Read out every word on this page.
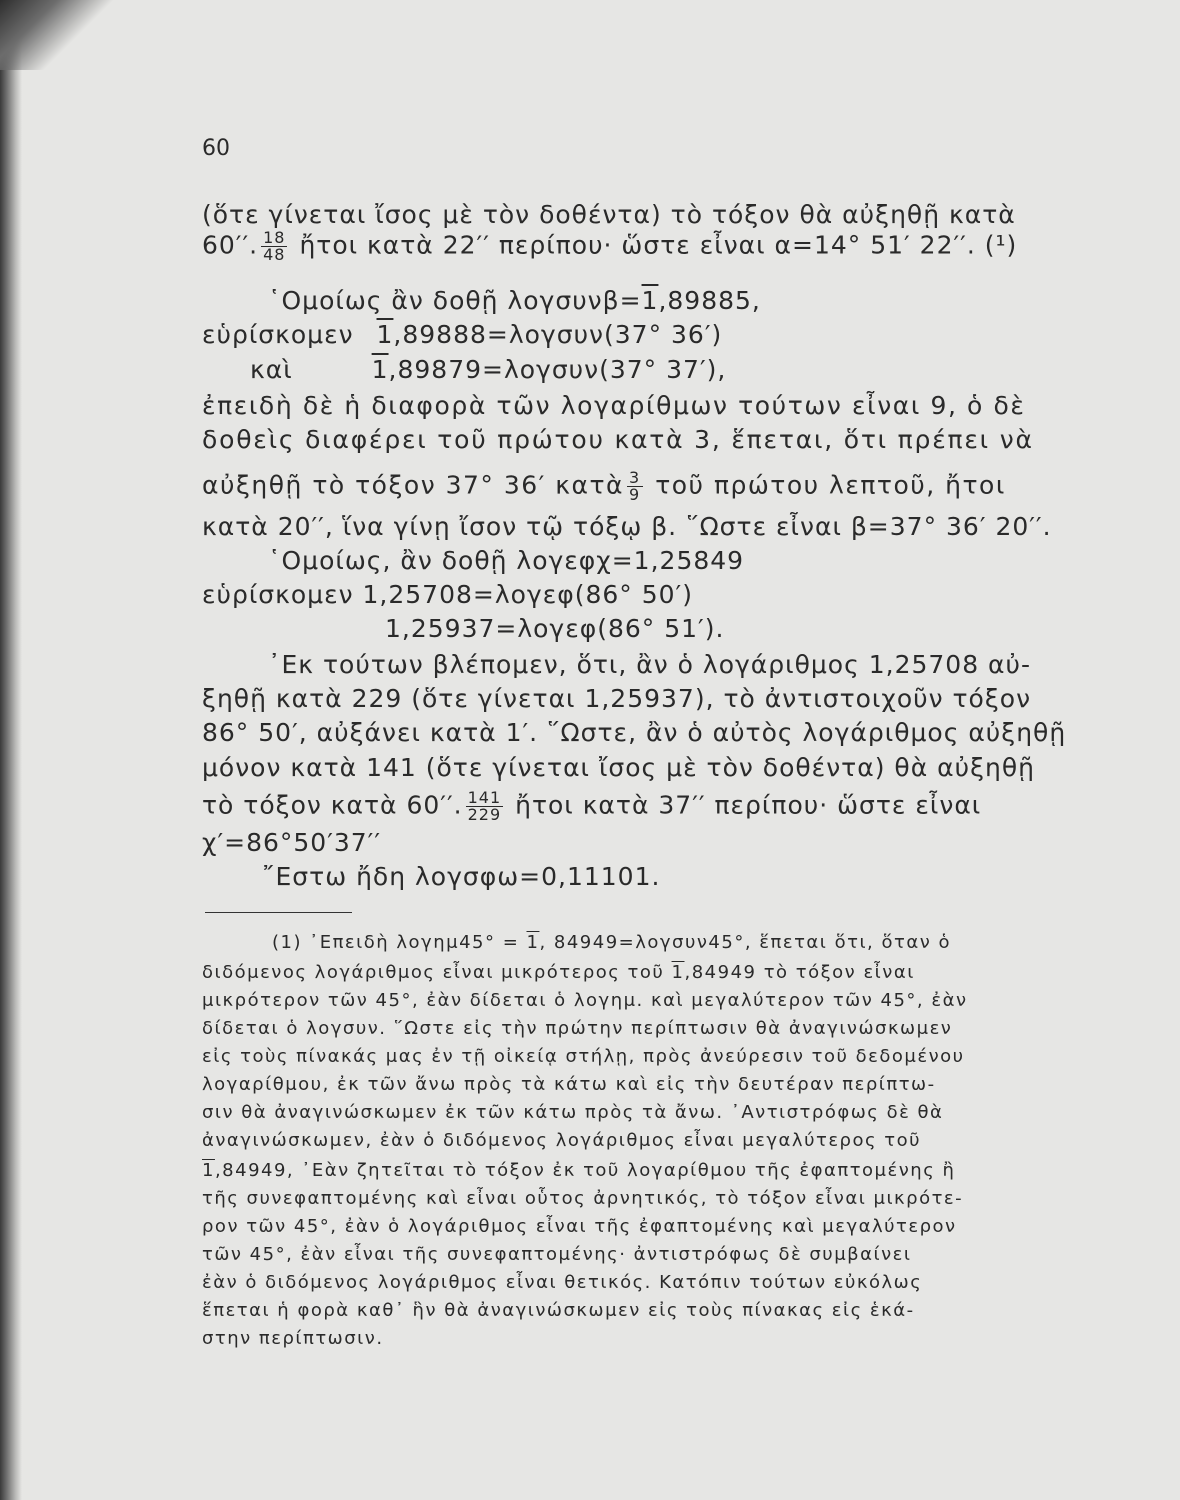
60
(ὅτε γίνεται ἴσος μὲ τὸν δοθέντα) τὸ τόξον θὰ αὐξηθῇ κατὰ
60′′. $\frac{18}{48}$ ἤτοι κατὰ 22′′ περίπου· ὥστε εἶναι α=14° 51′ 22′′. (¹)
῾Ομοίως ἂν δοθῇ λογσυνβ=1,89885,
εὑρίσκομεν 1,89888=λογσυν(37° 36′)
καὶ	1,89879=λογσυν(37° 37′),
ἐπειδὴ δὲ ἡ διαφορὰ τῶν λογαρίθμων τούτων εἶναι 9, ὁ δὲ
δοθεὶς διαφέρει τοῦ πρώτου κατὰ 3, ἕπεται, ὅτι πρέπει νὰ
αὐξηθῇ τὸ τόξον 37° 36′ κατὰ $\frac{3}{9}$ τοῦ πρώτου λεπτοῦ, ἤτοι
κατὰ 20′′, ἵνα γίνῃ ἴσον τῷ τόξῳ β. ῞Ωστε εἶναι β=37° 36′ 20′′.
῾Ομοίως, ἂν δοθῇ λογεφχ=1,25849
εὑρίσκομεν 1,25708=λογεφ(86° 50′)
1,25937=λογεφ(86° 51′).
᾿Εκ τούτων βλέπομεν, ὅτι, ἂν ὁ λογάριθμος 1,25708 αὐ-
ξηθῇ κατὰ 229 (ὅτε γίνεται 1,25937), τὸ ἀντιστοιχοῦν τόξον
86° 50′, αὐξάνει κατὰ 1′. ῞Ωστε, ἂν ὁ αὐτὸς λογάριθμος αὐξηθῇ
μόνον κατὰ 141 (ὅτε γίνεται ἴσος μὲ τὸν δοθέντα) θὰ αὐξηθῇ
τὸ τόξον κατὰ 60′′. $\frac{141}{229}$ ἤτοι κατὰ 37′′ περίπου· ὥστε εἶναι
χ′=86°50′37′′
῎Εστω ἤδη λογσφω=0,11101.
(1) ᾿Επειδὴ λογημ45° = 1, 84949=λογσυν45°, ἕπεται ὅτι, ὅταν ὁ
διδόμενος λογάριθμος εἶναι μικρότερος τοῦ 1,84949 τὸ τόξον εἶναι
μικρότερον τῶν 45°, ἐὰν δίδεται ὁ λογημ. καὶ μεγαλύτερον τῶν 45°, ἐὰν
δίδεται ὁ λογσυν. ῞Ωστε εἰς τὴν πρώτην περίπτωσιν θὰ ἀναγινώσκωμεν
εἰς τοὺς πίνακάς μας ἐν τῇ οἰκείᾳ στήλῃ, πρὸς ἀνεύρεσιν τοῦ δεδομένου
λογαρίθμου, ἐκ τῶν ἄνω πρὸς τὰ κάτω καὶ εἰς τὴν δευτέραν περίπτω-
σιν θὰ ἀναγινώσκωμεν ἐκ τῶν κάτω πρὸς τὰ ἄνω. ᾿Αντιστρόφως δὲ θὰ
ἀναγινώσκωμεν, ἐὰν ὁ διδόμενος λογάριθμος εἶναι μεγαλύτερος τοῦ
1,84949, ᾿Εὰν ζητεῖται τὸ τόξον ἐκ τοῦ λογαρίθμου τῆς ἐφαπτομένης ἢ
τῆς συνεφαπτομένης καὶ εἶναι οὗτος ἀρνητικός, τὸ τόξον εἶναι μικρότε-
ρον τῶν 45°, ἐὰν ὁ λογάριθμος εἶναι τῆς ἐφαπτομένης καὶ μεγαλύτερον
τῶν 45°, ἐὰν εἶναι τῆς συνεφαπτομένης· ἀντιστρόφως δὲ συμβαίνει
ἐὰν ὁ διδόμενος λογάριθμος εἶναι θετικός. Κατόπιν τούτων εὐκόλως
ἕπεται ἡ φορὰ καθ᾿ ἣν θὰ ἀναγινώσκωμεν εἰς τοὺς πίνακας εἰς ἑκά-
στην περίπτωσιν.
